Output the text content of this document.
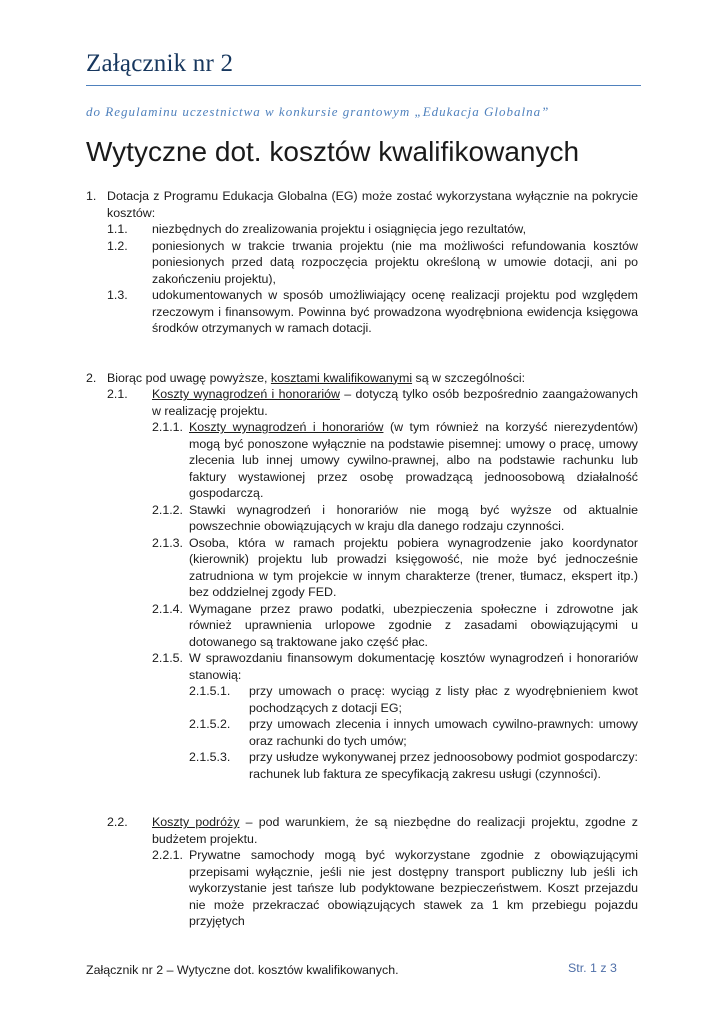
Załącznik nr 2
do Regulaminu uczestnictwa w konkursie grantowym „Edukacja Globalna”
Wytyczne dot. kosztów kwalifikowanych
1. Dotacja z Programu Edukacja Globalna (EG) może zostać wykorzystana wyłącznie na pokrycie kosztów:
1.1.	niezbędnych do zrealizowania projektu i osiągnięcia jego rezultatów,
1.2.	poniesionych w trakcie trwania projektu (nie ma możliwości refundowania kosztów poniesionych przed datą rozpoczęcia projektu określoną w umowie dotacji, ani po zakończeniu projektu),
1.3.	udokumentowanych w sposób umożliwiający ocenę realizacji projektu pod względem rzeczowym i finansowym. Powinna być prowadzona wyodrębniona ewidencja księgowa środków otrzymanych w ramach dotacji.
2. Biorąc pod uwagę powyższe, kosztami kwalifikowanymi są w szczególności:
2.1.	Koszty wynagrodzeń i honorariów – dotyczą tylko osób bezpośrednio zaangażowanych w realizację projektu.
2.1.1. Koszty wynagrodzeń i honorariów (w tym również na korzyść nierezydentów) mogą być ponoszone wyłącznie na podstawie pisemnej: umowy o pracę, umowy zlecenia lub innej umowy cywilno-prawnej, albo na podstawie rachunku lub faktury wystawionej przez osobę prowadzącą jednoosobową działalność gospodarczą.
2.1.2. Stawki wynagrodzeń i honorariów nie mogą być wyższe od aktualnie powszechnie obowiązujących w kraju dla danego rodzaju czynności.
2.1.3. Osoba, która w ramach projektu pobiera wynagrodzenie jako koordynator (kierownik) projektu lub prowadzi księgowość, nie może być jednocześnie zatrudniona w tym projekcie w innym charakterze (trener, tłumacz, ekspert itp.) bez oddzielnej zgody FED.
2.1.4. Wymagane przez prawo podatki, ubezpieczenia społeczne i zdrowotne jak również uprawnienia urlopowe zgodnie z zasadami obowiązującymi u dotowanego są traktowane jako część płac.
2.1.5. W sprawozdaniu finansowym dokumentację kosztów wynagrodzeń i honorariów stanowią:
2.1.5.1.	przy umowach o pracę: wyciąg z listy płac z wyodrębnieniem kwot pochodzących z dotacji EG;
2.1.5.2.	przy umowach zlecenia i innych umowach cywilno-prawnych: umowy oraz rachunki do tych umów;
2.1.5.3.	przy usłudze wykonywanej przez jednoosobowy podmiot gospodarczy: rachunek lub faktura ze specyfikacją zakresu usługi (czynności).
2.2.	Koszty podróży – pod warunkiem, że są niezbędne do realizacji projektu, zgodne z budżetem projektu.
2.2.1. Prywatne samochody mogą być wykorzystane zgodnie z obowiązującymi przepisami wyłącznie, jeśli nie jest dostępny transport publiczny lub jeśli ich wykorzystanie jest tańsze lub podyktowane bezpieczeństwem. Koszt przejazdu nie może przekraczać obowiązujących stawek za 1 km przebiegu pojazdu przyjętych
Załącznik nr 2 – Wytyczne dot. kosztów kwalifikowanych.	Str. 1 z 3
